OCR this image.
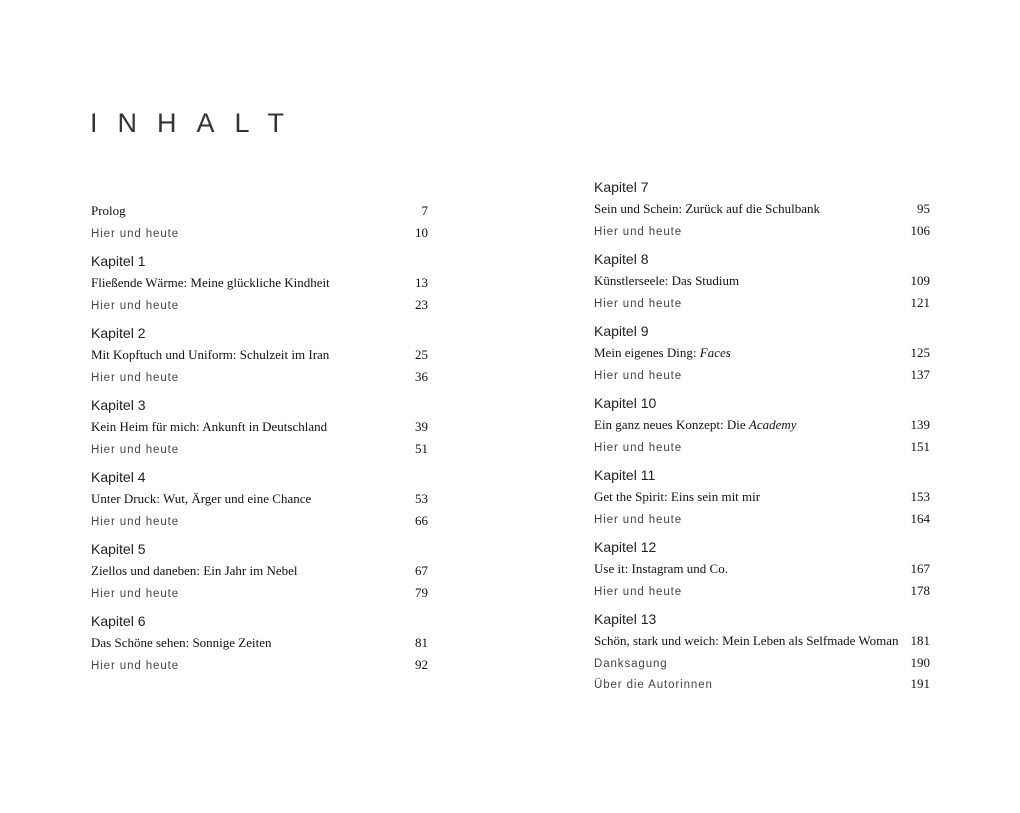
INHALT
Prolog	7
Hier und heute	10
Kapitel 1
Fließende Wärme: Meine glückliche Kindheit	13
Hier und heute	23
Kapitel 2
Mit Kopftuch und Uniform: Schulzeit im Iran	25
Hier und heute	36
Kapitel 3
Kein Heim für mich: Ankunft in Deutschland	39
Hier und heute	51
Kapitel 4
Unter Druck: Wut, Ärger und eine Chance	53
Hier und heute	66
Kapitel 5
Ziellos und daneben: Ein Jahr im Nebel	67
Hier und heute	79
Kapitel 6
Das Schöne sehen: Sonnige Zeiten	81
Hier und heute	92
Kapitel 7
Sein und Schein: Zurück auf die Schulbank	95
Hier und heute	106
Kapitel 8
Künstlerseele: Das Studium	109
Hier und heute	121
Kapitel 9
Mein eigenes Ding: Faces	125
Hier und heute	137
Kapitel 10
Ein ganz neues Konzept: Die Academy	139
Hier und heute	151
Kapitel 11
Get the Spirit: Eins sein mit mir	153
Hier und heute	164
Kapitel 12
Use it: Instagram und Co.	167
Hier und heute	178
Kapitel 13
Schön, stark und weich: Mein Leben als Selfmade Woman 181
Danksagung	190
Über die Autorinnen	191
